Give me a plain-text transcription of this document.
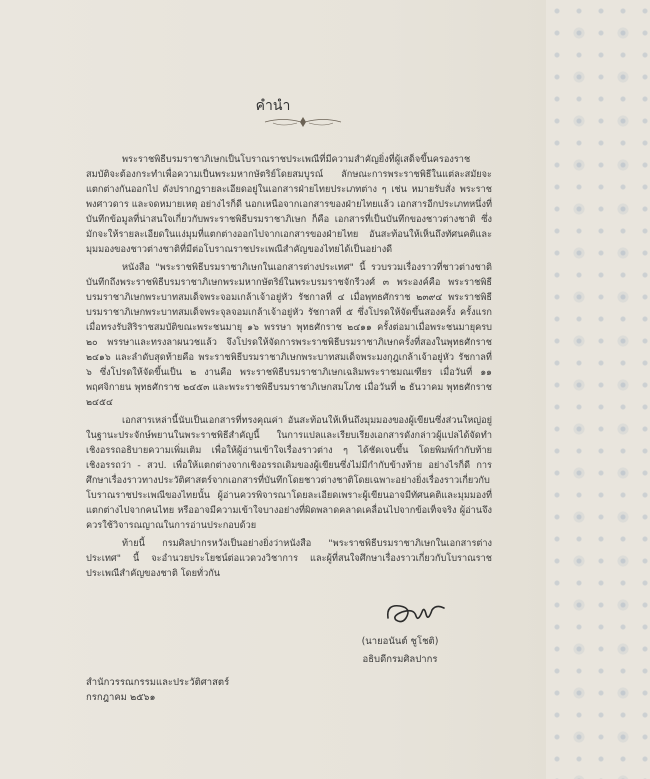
คำนำ

พระราชพิธีบรมราชาภิเษกเป็นโบราณราชประเพณีที่มีความสำคัญยิ่งที่ผู้เสด็จขึ้นครองราชสมบัติจะต้องกระทำเพื่อความเป็นพระมหากษัตริย์โดยสมบูรณ์ ลักษณะการพระราชพิธีในแต่ละสมัยจะแตกต่างกันออกไป ดังปรากฏรายละเอียดอยู่ในเอกสารฝ่ายไทยประเภทต่าง ๆ เช่น หมายรับสั่ง พระราชพงศาวดาร และจดหมายเหตุ อย่างไรก็ดี นอกเหนือจากเอกสารของฝ่ายไทยแล้ว เอกสารอีกประเภทหนึ่งที่บันทึกข้อมูลที่น่าสนใจเกี่ยวกับพระราชพิธีบรมราชาภิเษก ก็คือ เอกสารที่เป็นบันทึกของชาวต่างชาติ ซึ่งมักจะให้รายละเอียดในแง่มุมที่แตกต่างออกไปจากเอกสารของฝ่ายไทย อันสะท้อนให้เห็นถึงทัศนคติและมุมมองของชาวต่างชาติที่มีต่อโบราณราชประเพณีสำคัญของไทยได้เป็นอย่างดี

หนังสือ "พระราชพิธีบรมราชาภิเษกในเอกสารต่างประเทศ" นี้ รวบรวมเรื่องราวที่ชาวต่างชาติบันทึกถึงพระราชพิธีบรมราชาภิเษกพระมหากษัตริย์ในพระบรมราชจักรีวงศ์ ๓ พระองค์คือ พระราชพิธีบรมราชาภิเษกพระบาทสมเด็จพระจอมเกล้าเจ้าอยู่หัว รัชกาลที่ ๔ เมื่อพุทธศักราช ๒๓๙๔ พระราชพิธีบรมราชาภิเษกพระบาทสมเด็จพระจุลจอมเกล้าเจ้าอยู่หัว รัชกาลที่ ๕ ซึ่งโปรดให้จัดขึ้นสองครั้ง ครั้งแรกเมื่อทรงรับสิริราชสมบัติขณะพระชนมายุ ๑๖ พรรษา พุทธศักราช ๒๔๑๑ ครั้งต่อมาเมื่อพระชนมายุครบ ๒๐ พรรษาและทรงลาผนวชแล้ว จึงโปรดให้จัดการพระราชพิธีบรมราชาภิเษกครั้งที่สองในพุทธศักราช ๒๔๑๖ และลำดับสุดท้ายคือ พระราชพิธีบรมราชาภิเษกพระบาทสมเด็จพระมงกุฎเกล้าเจ้าอยู่หัว รัชกาลที่ ๖ ซึ่งโปรดให้จัดขึ้นเป็น ๒ งานคือ พระราชพิธีบรมราชาภิเษกเฉลิมพระราชมณเฑียร เมื่อวันที่ ๑๑ พฤศจิกายน พุทธศักราช ๒๔๕๓ และพระราชพิธีบรมราชาภิเษกสมโภช เมื่อวันที่ ๒ ธันวาคม พุทธศักราช ๒๔๕๔

เอกสารเหล่านี้นับเป็นเอกสารที่ทรงคุณค่า อันสะท้อนให้เห็นถึงมุมมองของผู้เขียนซึ่งส่วนใหญ่อยู่ในฐานะประจักษ์พยานในพระราชพิธีสำคัญนี้ ในการแปลและเรียบเรียงเอกสารดังกล่าวผู้แปลได้จัดทำเชิงอรรถอธิบายความเพิ่มเติม เพื่อให้ผู้อ่านเข้าใจเรื่องราวต่าง ๆ ได้ชัดเจนขึ้น โดยพิมพ์กำกับท้ายเชิงอรรถว่า - สวป. เพื่อให้แตกต่างจากเชิงอรรถเดิมของผู้เขียนซึ่งไม่มีกำกับข้างท้าย อย่างไรก็ดี การศึกษาเรื่องราวทางประวัติศาสตร์จากเอกสารที่บันทึกโดยชาวต่างชาติโดยเฉพาะอย่างยิ่งเรื่องราวเกี่ยวกับโบราณราชประเพณีของไทยนั้น ผู้อ่านควรพิจารณาโดยละเอียดเพราะผู้เขียนอาจมีทัศนคติและมุมมองที่แตกต่างไปจากคนไทย หรืออาจมีความเข้าใจบางอย่างที่ผิดพลาดคลาดเคลื่อนไปจากข้อเท็จจริง ผู้อ่านจึงควรใช้วิจารณญาณในการอ่านประกอบด้วย

ท้ายนี้ กรมศิลปากรหวังเป็นอย่างยิ่งว่าหนังสือ "พระราชพิธีบรมราชาภิเษกในเอกสารต่างประเทศ" นี้ จะอำนวยประโยชน์ต่อแวดวงวิชาการ และผู้ที่สนใจศึกษาเรื่องราวเกี่ยวกับโบราณราชประเพณีสำคัญของชาติ โดยทั่วกัน

(นายอนันต์ ชูโชติ)
อธิบดีกรมศิลปากร
สำนักวรรณกรรมและประวัติศาสตร์
กรกฎาคม ๒๕๖๑
